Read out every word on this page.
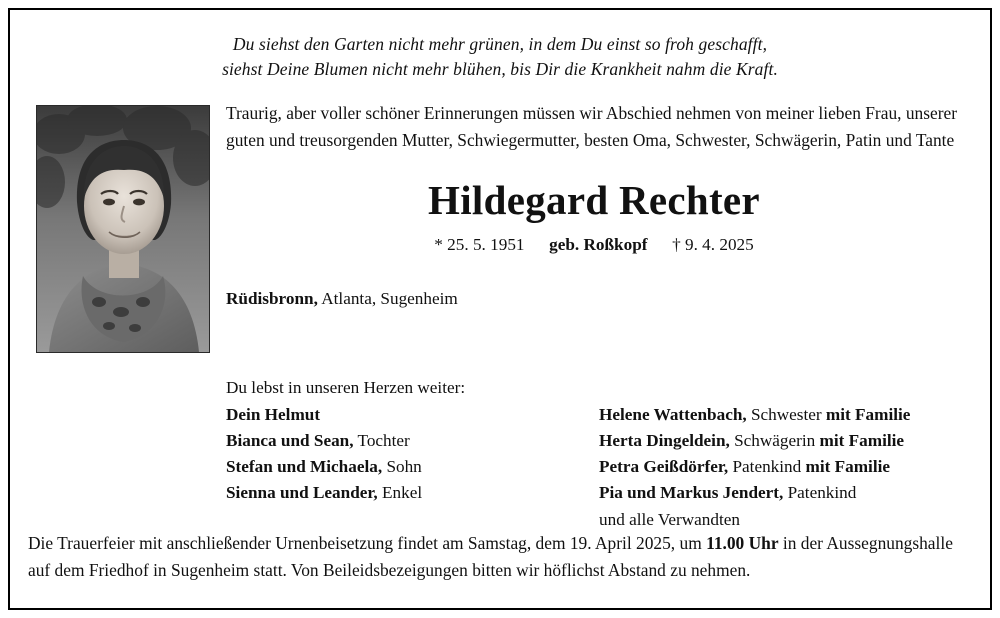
Du siehst den Garten nicht mehr grünen, in dem Du einst so froh geschafft,
siehst Deine Blumen nicht mehr blühen, bis Dir die Krankheit nahm die Kraft.
Traurig, aber voller schöner Erinnerungen müssen wir Abschied nehmen von meiner lieben Frau, unserer guten und treusorgenden Mutter, Schwiegermutter, besten Oma, Schwester, Schwägerin, Patin und Tante
Hildegard Rechter
* 25. 5. 1951 geb. Roßkopf † 9. 4. 2025
Rüdisbronn, Atlanta, Sugenheim
Du lebst in unseren Herzen weiter:
Dein Helmut
Bianca und Sean, Tochter
Stefan und Michaela, Sohn
Sienna und Leander, Enkel
Helene Wattenbach, Schwester mit Familie
Herta Dingeldein, Schwägerin mit Familie
Petra Geißdörfer, Patenkind mit Familie
Pia und Markus Jendert, Patenkind
und alle Verwandten
Die Trauerfeier mit anschließender Urnenbeisetzung findet am Samstag, dem 19. April 2025, um 11.00 Uhr in der Aussegnungshalle auf dem Friedhof in Sugenheim statt. Von Beileidsbezeigungen bitten wir höflichst Abstand zu nehmen.
